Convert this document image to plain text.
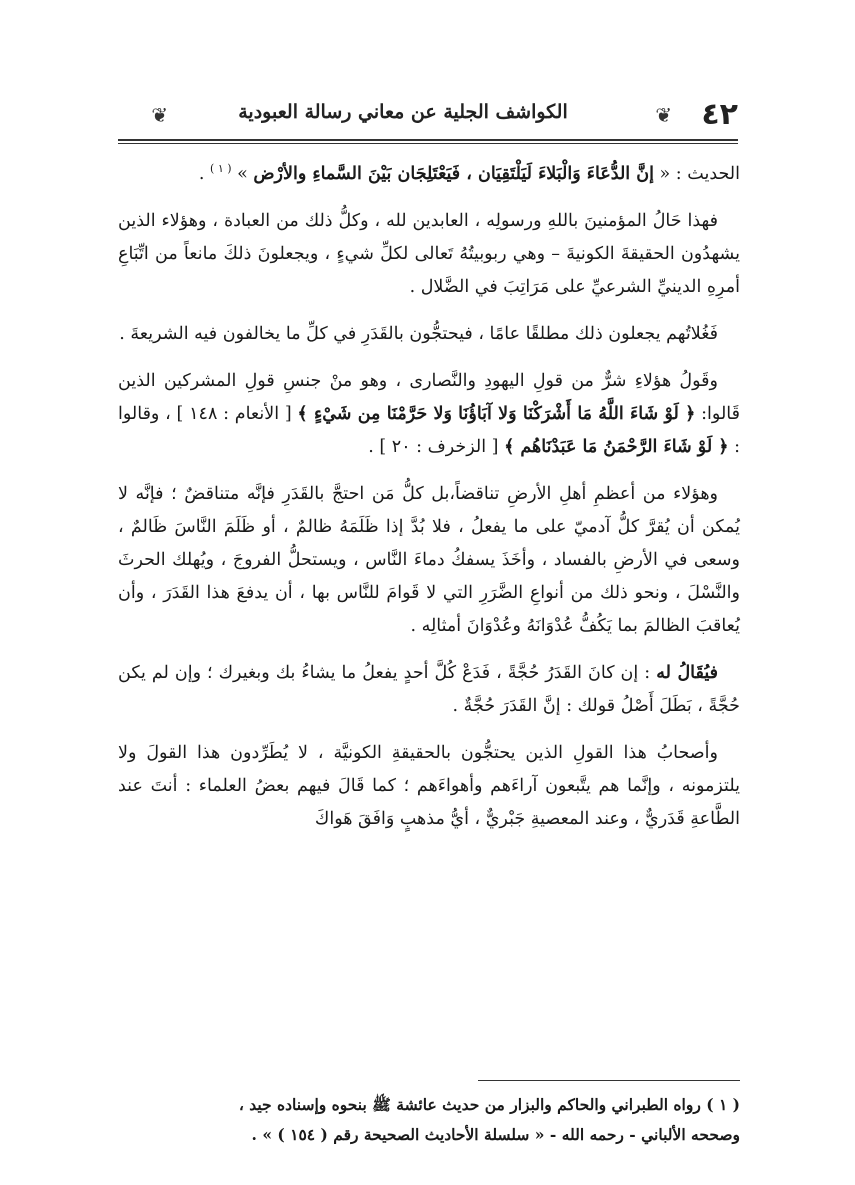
٤٢
❦
الكواشف الجلية عن معاني رسالة العبودية
❦

الحديث : « إنَّ الدُّعَاءَ وَالْبَلاءَ لَيَلْتَقِيَان ، فَيَعْتَلِجَان بَيْنَ السَّماءِ والأرْض » $^{( ١ )}$ .

فهذا حَالُ المؤمنينَ باللهِ ورسولِه ، العابدين لله ، وكلُّ ذلك من العبادة ، وهؤلاء الذين يشهدُون الحقيقةَ الكونيةَ – وهي ربوبيتُهُ تَعالى لكلِّ شيءٍ ، ويجعلونَ ذلكَ مانعاً من اتِّبَاعِ أمرِهِ الدينيِّ الشرعيِّ على مَرَاتِبَ في الضَّلال .

فَغُلاتُهم يجعلون ذلك مطلقًا عامًا ، فيحتجُّون بالقَدَرِ في كلِّ ما يخالفون فيه الشريعةَ .

وقَولُ هؤلاءِ شرٌّ من قولِ اليهودِ والنَّصارى ، وهو منْ جنسِ قولِ المشركين الذين قَالوا: ﴿ لَوْ شَاءَ اللَّهُ مَا أَشْرَكْنَا وَلا آبَاؤُنَا وَلا حَرَّمْنَا مِن شَيْءٍ ﴾ [ الأنعام : ١٤٨ ] ، وقالوا : ﴿ لَوْ شَاءَ الرَّحْمَنُ مَا عَبَدْنَاهُم ﴾ [ الزخرف : ٢٠ ] .

وهؤلاء من أعظمِ أهلِ الأرضِ تناقضاً،بل كلُّ مَن احتجَّ بالقَدَرِ فإنَّه متناقضٌ ؛ فإنَّه لا يُمكن أن يُقرَّ كلُّ آدميّ على ما يفعلُ ، فلا بُدَّ إذا ظَلَمَهُ ظالمٌ ، أو ظَلَمَ النَّاسَ ظَالمٌ ، وسعى في الأرضِ بالفساد ، وأخَذَ يسفكُ دماءَ النَّاس ، ويستحلُّ الفروجَ ، ويُهلك الحرثَ والنَّسْلَ ، ونحو ذلك من أنواعِ الضَّرَرِ التي لا قَوامَ للنَّاس بها ، أن يدفعَ هذا القَدَرَ ، وأن يُعاقبَ الظالمَ بما يَكُفُّ عُدْوَانَهُ وعُدْوَانَ أمثالِه .

فيُقَالُ له : إن كانَ القَدَرُ حُجَّةً ، فَدَعْ كُلَّ أحدٍ يفعلُ ما يشاءُ بك وبغيرك ؛ وإن لم يكن حُجَّةً ، بَطَلَ أَصْلُ قولك : إنَّ القَدَرَ حُجَّةٌ .

وأصحابُ هذا القولِ الذين يحتجُّون بالحقيقةِ الكونيَّة ، لا يُطَرِّدون هذا القولَ ولا يلتزمونه ، وإنَّما هم يتَّبعون آراءَهم وأهواءَهم ؛ كما قَالَ فيهم بعضُ العلماء : أنتَ عند الطَّاعةِ قَدَريٌّ ، وعند المعصيةِ جَبْريٌّ ، أيُّ مذهبٍ وَافَقَ هَواكَ

( ١ ) رواه الطبراني والحاكم والبزار من حديث عائشة ﷺ بنحوه وإسناده جيد ،

وصححه الألباني - رحمه الله - « سلسلة الأحاديث الصحيحة رقم ( ١٥٤ ) » .
